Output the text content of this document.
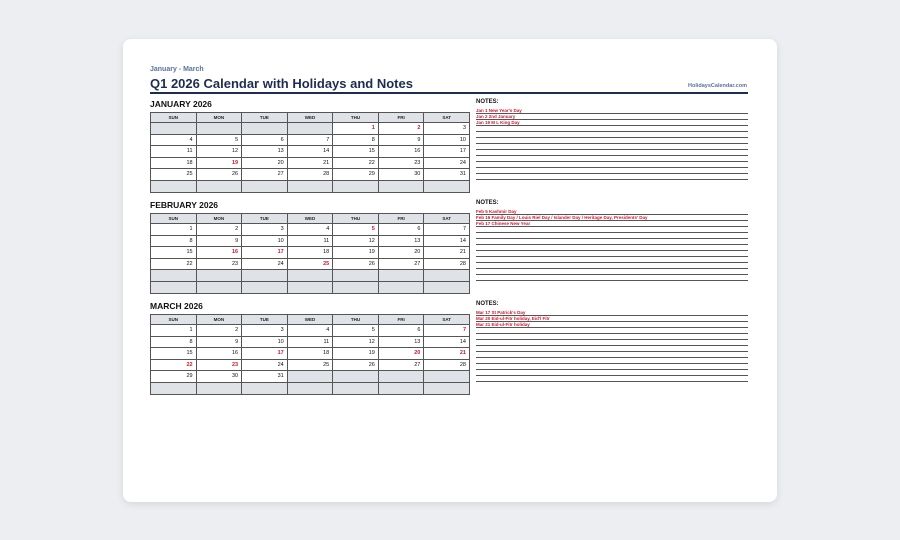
January - March
Q1 2026 Calendar with Holidays and Notes	HolidaysCalendar.com
JANUARY 2026
SUN	MON	TUE	WED	THU	FRI	SAT
				1	2	3
4	5	6	7	8	9	10
11	12	13	14	15	16	17
18	19	20	21	22	23	24
25	26	27	28	29	30	31

NOTES:
Jan 1 New Year's Day
Jan 2 2nd January
Jan 19 M L King Day
FEBRUARY 2026
SUN	MON	TUE	WED	THU	FRI	SAT
1	2	3	4	5	6	7
8	9	10	11	12	13	14
15	16	17	18	19	20	21
22	23	24	25	26	27	28

NOTES:
Feb 5 Kashmir Day
Feb 16 Family Day / Louis Riel Day / Islander Day / Heritage Day, Presidents' Day
Feb 17 Chinese New Year
MARCH 2026
SUN	MON	TUE	WED	THU	FRI	SAT
1	2	3	4	5	6	7
8	9	10	11	12	13	14
15	16	17	18	19	20	21
22	23	24	25	26	27	28
29	30	31				

NOTES:
Mar 17 St Patrick's Day
Mar 20 Eid-ul-Fitr holiday, Eid'l Fitr
Mar 21 Eid-ul-Fitr holiday
